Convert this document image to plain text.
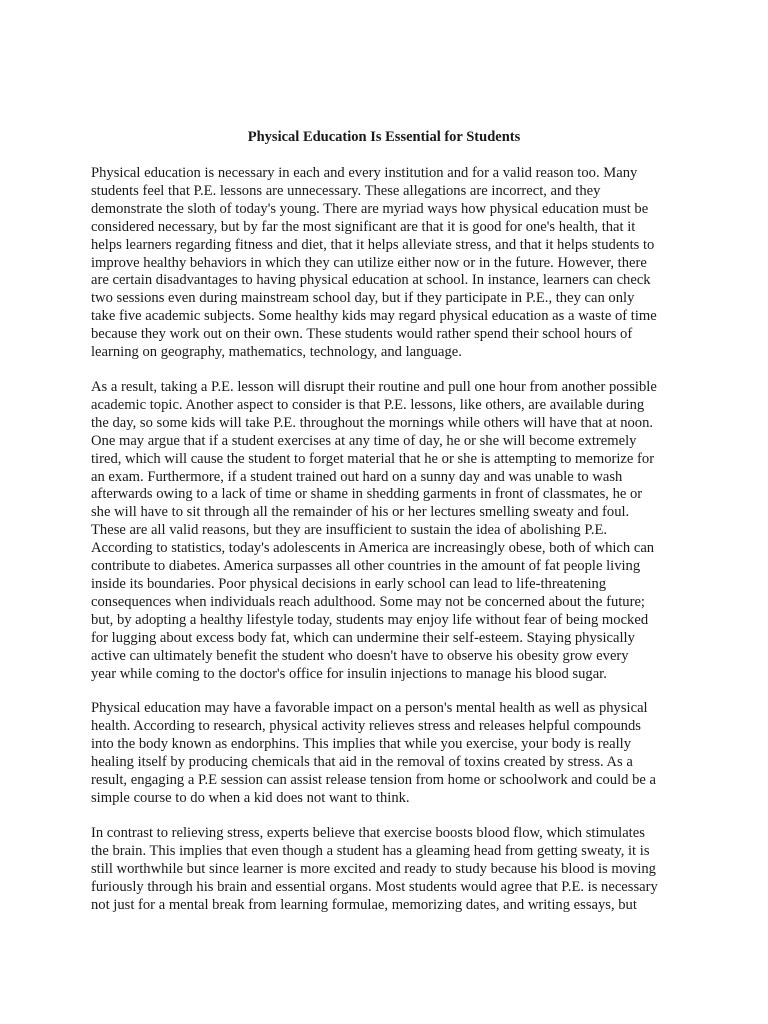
Physical Education Is Essential for Students
Physical education is necessary in each and every institution and for a valid reason too. Many
students feel that P.E. lessons are unnecessary. These allegations are incorrect, and they
demonstrate the sloth of today's young. There are myriad ways how physical education must be
considered necessary, but by far the most significant are that it is good for one's health, that it
helps learners regarding fitness and diet, that it helps alleviate stress, and that it helps students to
improve healthy behaviors in which they can utilize either now or in the future. However, there
are certain disadvantages to having physical education at school. In instance, learners can check
two sessions even during mainstream school day, but if they participate in P.E., they can only
take five academic subjects. Some healthy kids may regard physical education as a waste of time
because they work out on their own. These students would rather spend their school hours of
learning on geography, mathematics, technology, and language.
As a result, taking a P.E. lesson will disrupt their routine and pull one hour from another possible
academic topic. Another aspect to consider is that P.E. lessons, like others, are available during
the day, so some kids will take P.E. throughout the mornings while others will have that at noon.
One may argue that if a student exercises at any time of day, he or she will become extremely
tired, which will cause the student to forget material that he or she is attempting to memorize for
an exam. Furthermore, if a student trained out hard on a sunny day and was unable to wash
afterwards owing to a lack of time or shame in shedding garments in front of classmates, he or
she will have to sit through all the remainder of his or her lectures smelling sweaty and foul.
These are all valid reasons, but they are insufficient to sustain the idea of abolishing P.E.
According to statistics, today's adolescents in America are increasingly obese, both of which can
contribute to diabetes. America surpasses all other countries in the amount of fat people living
inside its boundaries. Poor physical decisions in early school can lead to life-threatening
consequences when individuals reach adulthood. Some may not be concerned about the future;
but, by adopting a healthy lifestyle today, students may enjoy life without fear of being mocked
for lugging about excess body fat, which can undermine their self-esteem. Staying physically
active can ultimately benefit the student who doesn't have to observe his obesity grow every
year while coming to the doctor's office for insulin injections to manage his blood sugar.
Physical education may have a favorable impact on a person's mental health as well as physical
health. According to research, physical activity relieves stress and releases helpful compounds
into the body known as endorphins. This implies that while you exercise, your body is really
healing itself by producing chemicals that aid in the removal of toxins created by stress. As a
result, engaging a P.E session can assist release tension from home or schoolwork and could be a
simple course to do when a kid does not want to think.
In contrast to relieving stress, experts believe that exercise boosts blood flow, which stimulates
the brain. This implies that even though a student has a gleaming head from getting sweaty, it is
still worthwhile but since learner is more excited and ready to study because his blood is moving
furiously through his brain and essential organs. Most students would agree that P.E. is necessary
not just for a mental break from learning formulae, memorizing dates, and writing essays, but
